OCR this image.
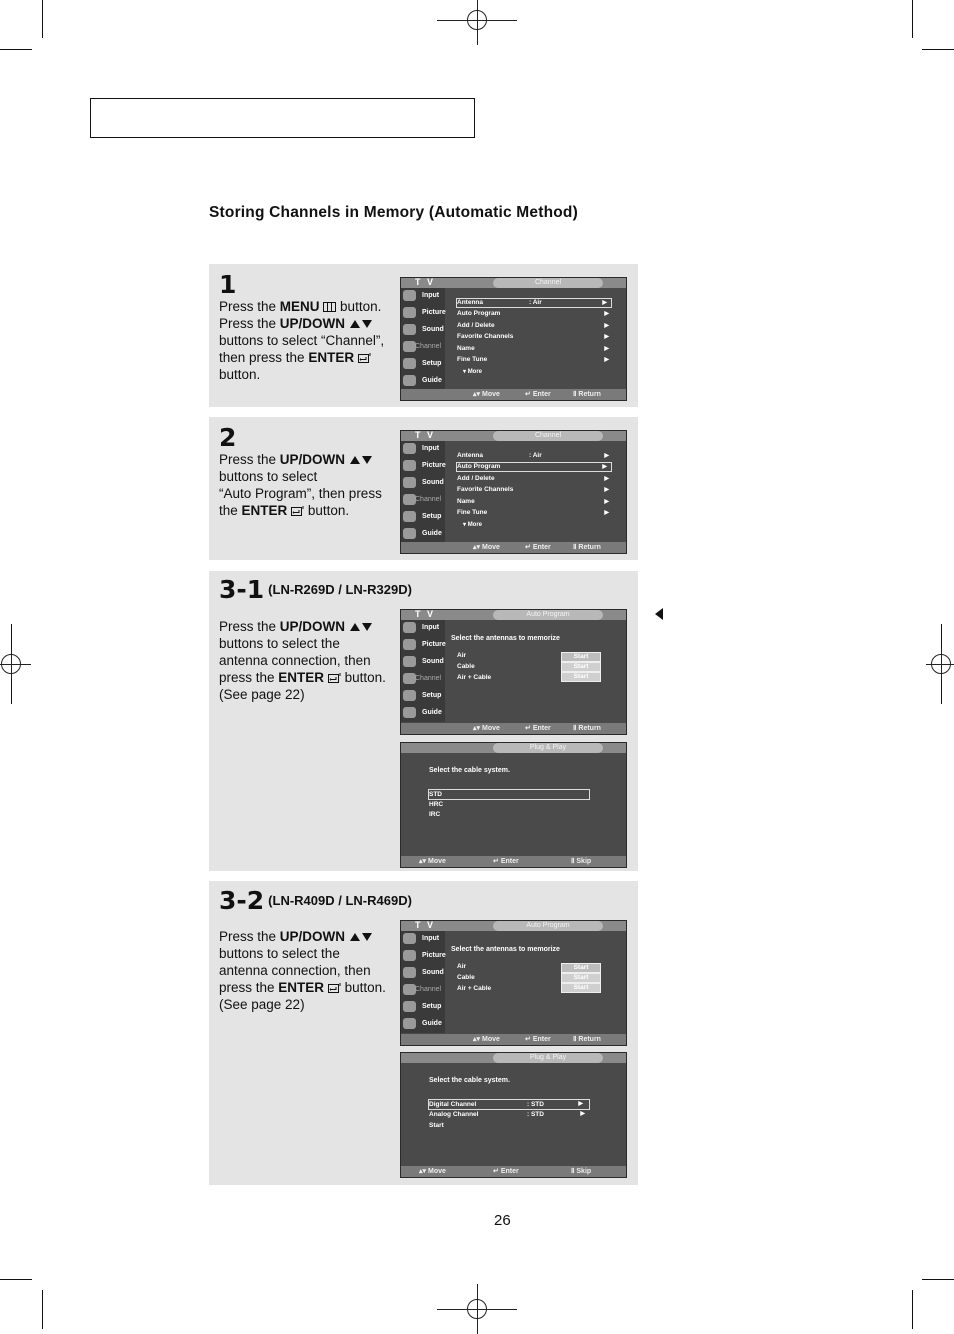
Storing Channels in Memory (Automatic Method)
1
Press the MENU  button.
Press the UP/DOWN
buttons to select “Channel”,
then press the ENTER
button.
T V	Channel
Input
Picture
Sound
Channel
Setup
Guide
Antenna	: Air	▶
Auto Program	▶
Add / Delete	▶
Favorite Channels	▶
Name	▶
Fine Tune	▶
▾ More
▴▾ Move	↵ Enter	Ⅱ Return
2
Press the UP/DOWN
buttons to select
“Auto Program”, then press
the ENTER  button.
T V	Channel
Input
Picture
Sound
Channel
Setup
Guide
Antenna	: Air	▶
Auto Program	▶
Add / Delete	▶
Favorite Channels	▶
Name	▶
Fine Tune	▶
▾ More
▴▾ Move	↵ Enter	Ⅱ Return
3-1 (LN-R269D / LN-R329D)
Press the UP/DOWN
buttons to select the
antenna connection, then
press the ENTER  button.
(See page 22)
T V	Auto Program
Input
Picture
Sound
Channel
Setup
Guide
Select the antennas to memorize
Air	Start
Cable	Start
Air + Cable	Start
▴▾ Move	↵ Enter	Ⅱ Return
Plug & Play
Select the cable system.
STD
HRC
IRC
▴▾ Move	↵ Enter	Ⅱ Skip
3-2 (LN-R409D / LN-R469D)
Press the UP/DOWN
buttons to select the
antenna connection, then
press the ENTER  button.
(See page 22)
T V	Auto Program
Input
Picture
Sound
Channel
Setup
Guide
Select the antennas to memorize
Air	Start
Cable	Start
Air + Cable	Start
▴▾ Move	↵ Enter	Ⅱ Return
Plug & Play
Select the cable system.
Digital Channel	: STD	▶
Analog Channel	: STD	▶
Start
▴▾ Move	↵ Enter	Ⅱ Skip
26
